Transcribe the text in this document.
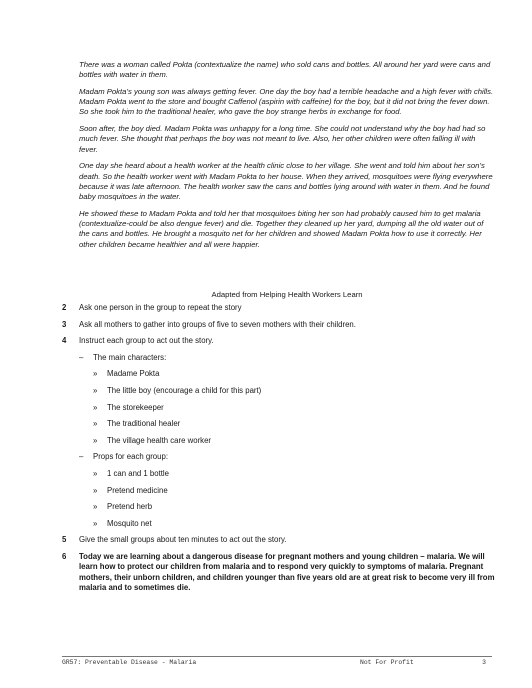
There was a woman called Pokta (contextualize the name) who sold cans and bottles. All around her yard were cans and bottles with water in them.

Madam Pokta’s young son was always getting fever. One day the boy had a terrible headache and a high fever with chills. Madam Pokta went to the store and bought Caffenol (aspirin with caffeine) for the boy, but it did not bring the fever down. So she took him to the traditional healer, who gave the boy strange herbs in exchange for food.

Soon after, the boy died. Madam Pokta was unhappy for a long time. She could not understand why the boy had had so much fever. She thought that perhaps the boy was not meant to live. Also, her other children were often falling ill with fever.

One day she heard about a health worker at the health clinic close to her village. She went and told him about her son’s death. So the health worker went with Madam Pokta to her house. When they arrived, mosquitoes were flying everywhere because it was late afternoon. The health worker saw the cans and bottles lying around with water in them. And he found baby mosquitoes in the water.

He showed these to Madam Pokta and told her that mosquitoes biting her son had probably caused him to get malaria (contextualize-could be also dengue fever) and die. Together they cleaned up her yard, dumping all the old water out of the cans and bottles. He brought a mosquito net for her children and showed Madam Pokta how to use it correctly. Her other children became healthier and all were happier.

Adapted from Helping Health Workers Learn
2	Ask one person in the group to repeat the story
3	Ask all mothers to gather into groups of five to seven mothers with their children.
4	Instruct each group to act out the story.
–	The main characters:
»	Madame Pokta
»	The little boy (encourage a child for this part)
»	The storekeeper
»	The traditional healer
»	The village health care worker
–	Props for each group:
»	1 can and 1 bottle
»	Pretend medicine
»	Pretend herb
»	Mosquito net
5	Give the small groups about ten minutes to act out the story.
6	Today we are learning about a dangerous disease for pregnant mothers and young children – malaria. We will learn how to protect our children from malaria and to respond very quickly to symptoms of malaria. Pregnant mothers, their unborn children, and children younger than five years old are at great risk to become very ill from malaria and to sometimes die.
GR57: Preventable Disease - Malaria	Not For Profit	3
